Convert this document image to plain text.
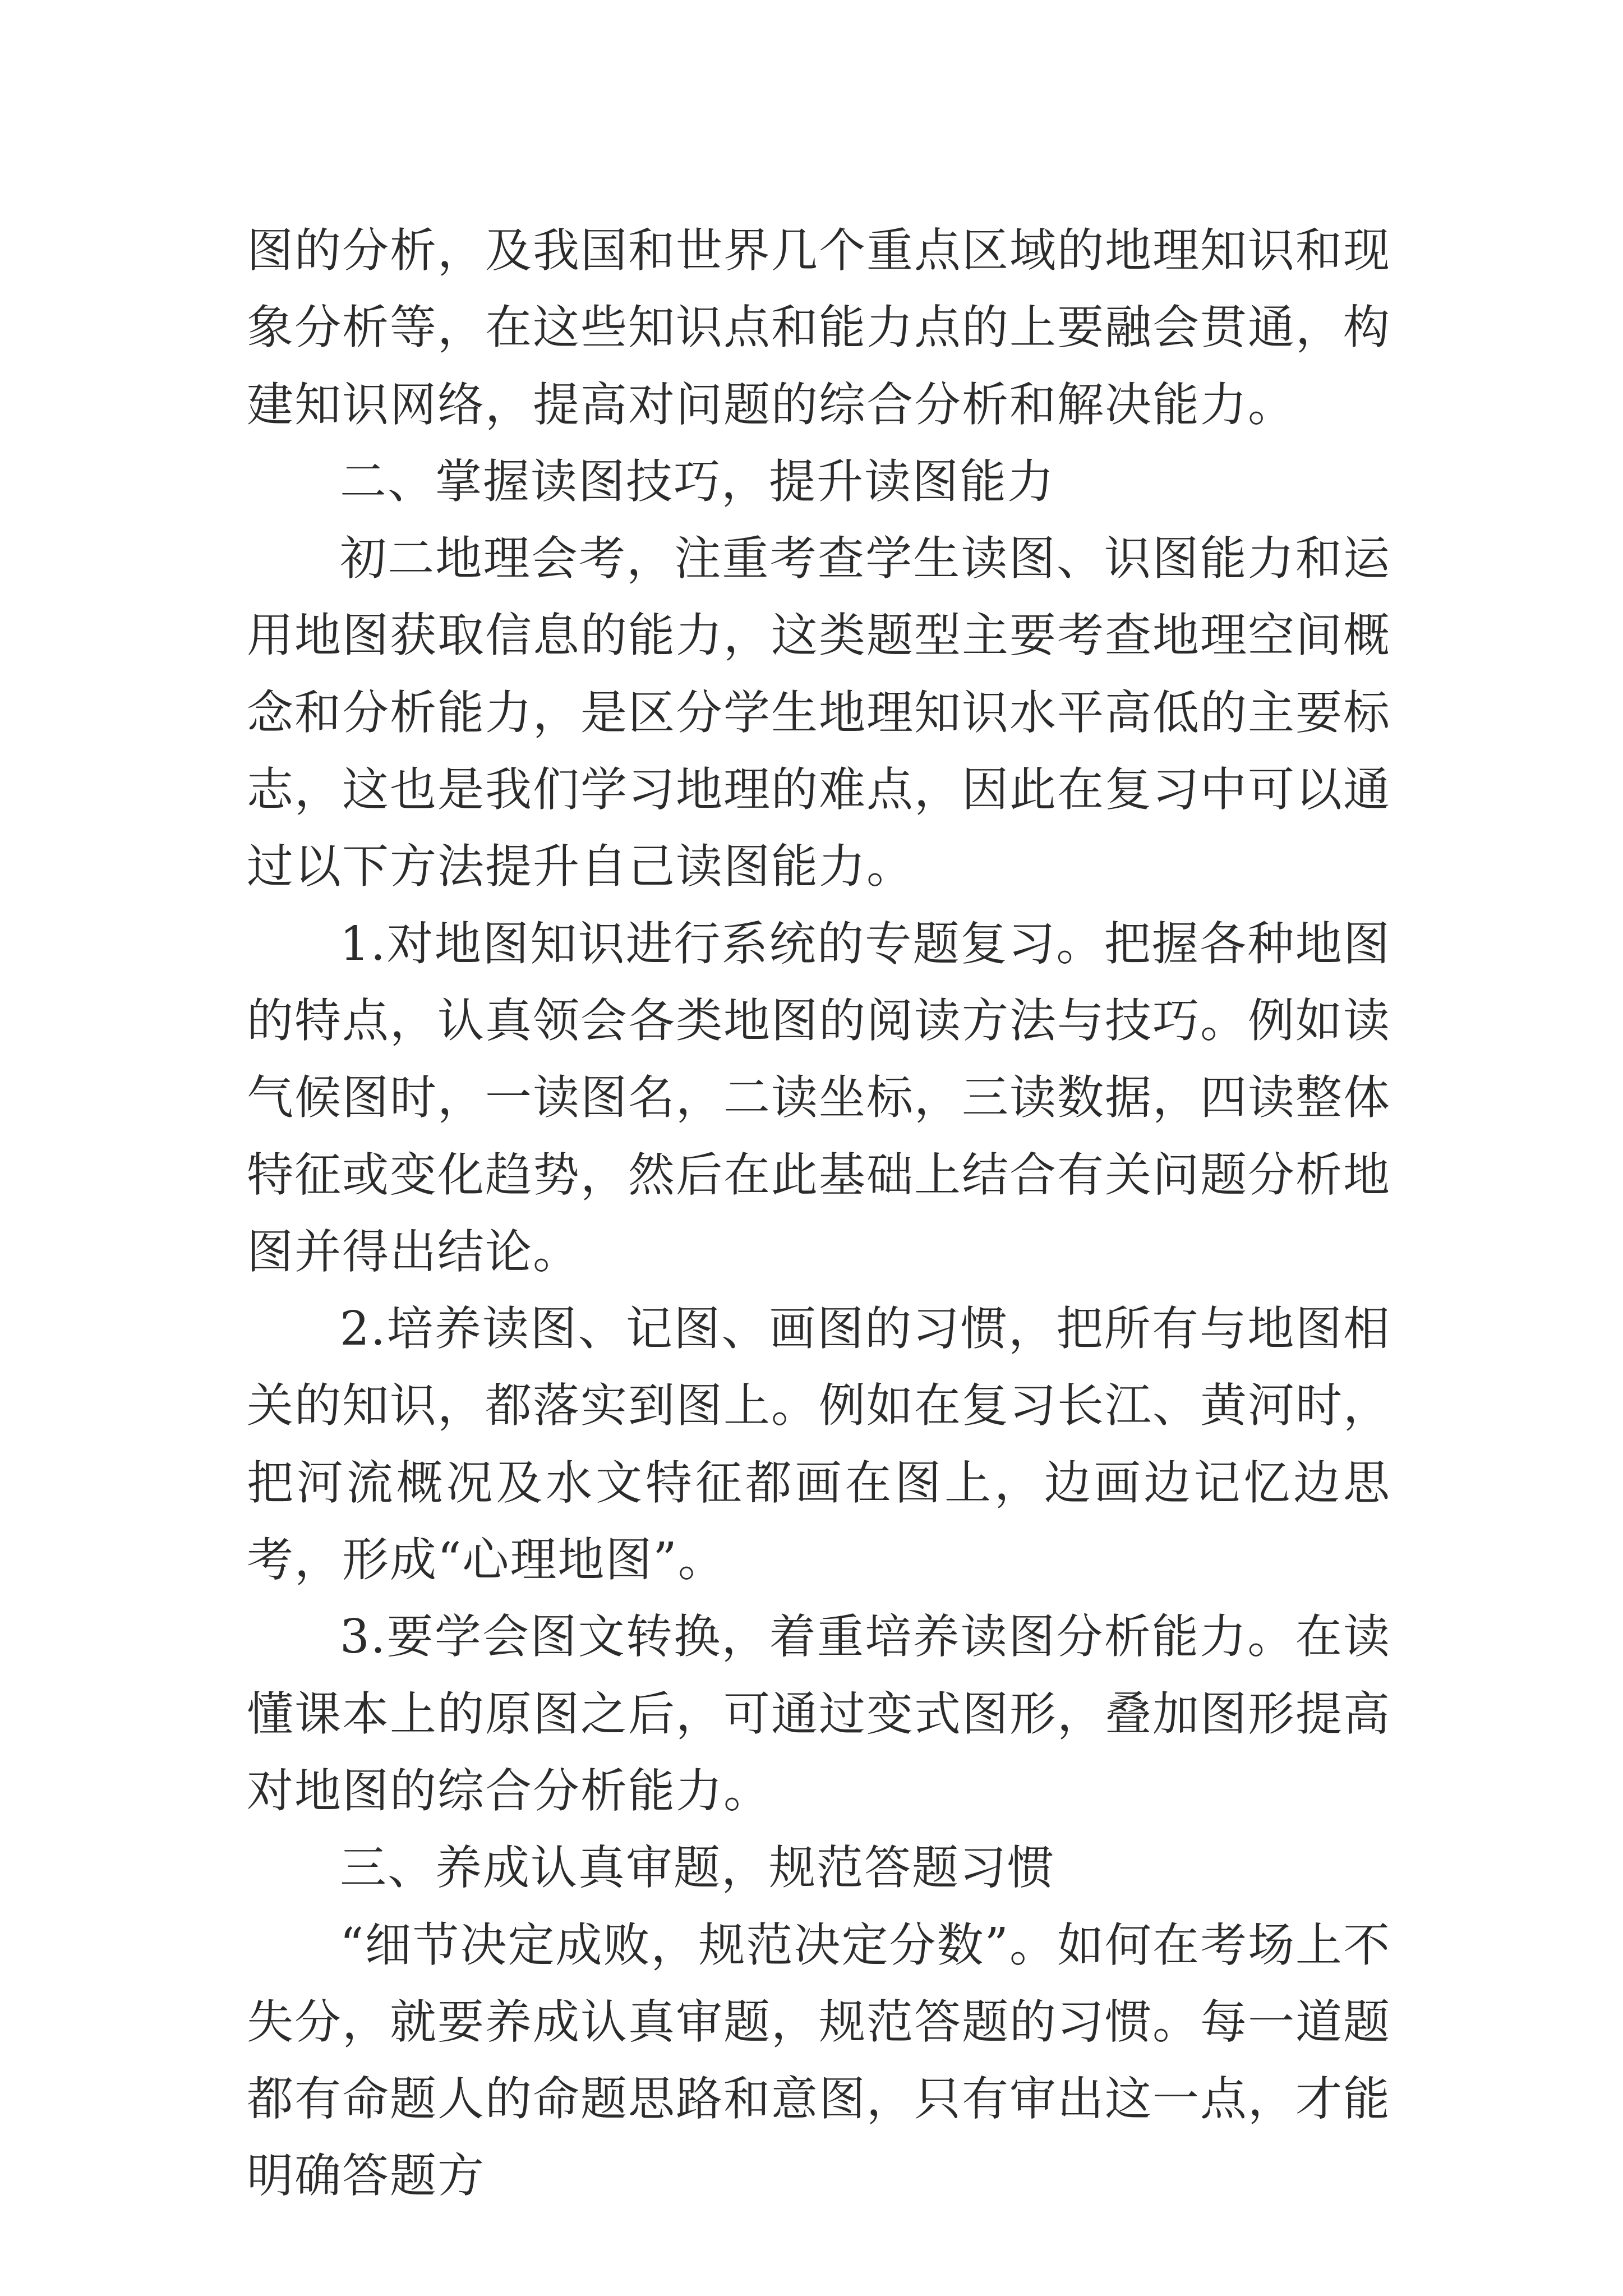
图的分析，及我国和世界几个重点区域的地理知识和现象分析等，在这些知识点和能力点的上要融会贯通，构建知识网络，提高对问题的综合分析和解决能力。

二、掌握读图技巧，提升读图能力

初二地理会考，注重考查学生读图、识图能力和运用地图获取信息的能力，这类题型主要考查地理空间概念和分析能力，是区分学生地理知识水平高低的主要标志，这也是我们学习地理的难点，因此在复习中可以通过以下方法提升自己读图能力。

1.对地图知识进行系统的专题复习。把握各种地图的特点，认真领会各类地图的阅读方法与技巧。例如读气候图时，一读图名，二读坐标，三读数据，四读整体特征或变化趋势，然后在此基础上结合有关问题分析地图并得出结论。

2.培养读图、记图、画图的习惯，把所有与地图相关的知识，都落实到图上。例如在复习长江、黄河时，把河流概况及水文特征都画在图上，边画边记忆边思考，形成“心理地图”。

3.要学会图文转换，着重培养读图分析能力。在读懂课本上的原图之后，可通过变式图形，叠加图形提高对地图的综合分析能力。

三、养成认真审题，规范答题习惯

“细节决定成败，规范决定分数”。如何在考场上不失分，就要养成认真审题，规范答题的习惯。每一道题都有命题人的命题思路和意图，只有审出这一点，才能明确答题方
